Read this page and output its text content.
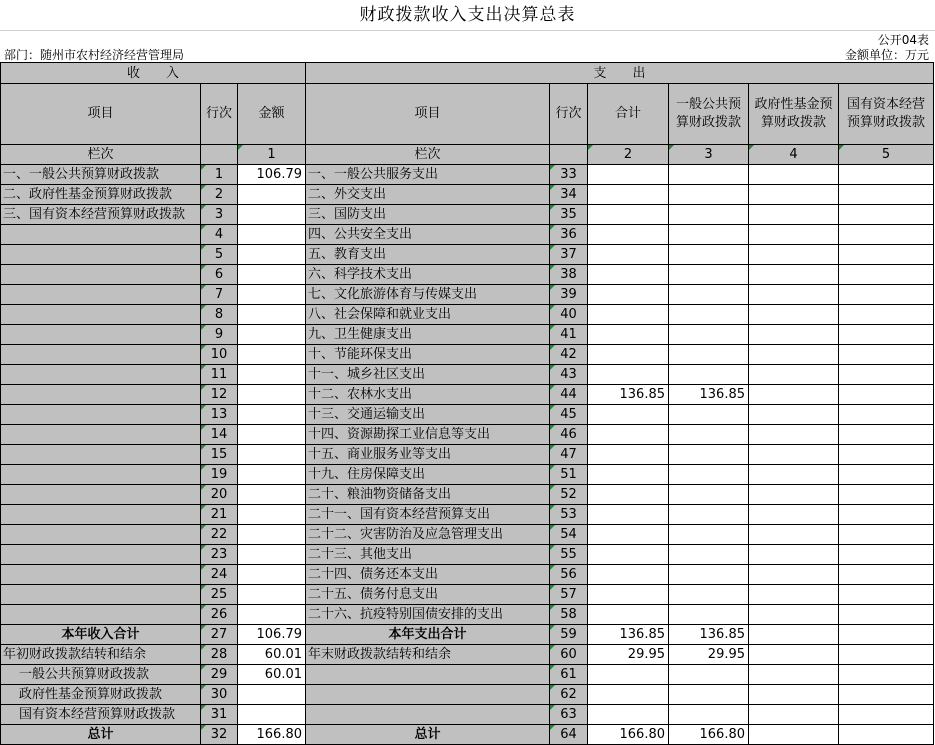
财政拨款收入支出决算总表
公开04表
部门：随州市农村经济经营管理局	金额单位：万元
收　　入			支　　出					
项目	行次	金额	项目	行次	合计	一般公共预算财政拨款	政府性基金预算财政拨款	国有资本经营预算财政拨款
栏次		1	栏次		2	3	4	5
一、一般公共预算财政拨款	1	106.79	一、一般公共服务支出	33				
二、政府性基金预算财政拨款	2		二、外交支出	34				
三、国有资本经营预算财政拨款	3		三、国防支出	35				
	4		四、公共安全支出	36				
	5		五、教育支出	37				
	6		六、科学技术支出	38				
	7		七、文化旅游体育与传媒支出	39				
	8		八、社会保障和就业支出	40				
	9		九、卫生健康支出	41				
	10		十、节能环保支出	42				
	11		十一、城乡社区支出	43				
	12		十二、农林水支出	44	136.85	136.85		
	13		十三、交通运输支出	45				
	14		十四、资源勘探工业信息等支出	46				
	15		十五、商业服务业等支出	47				
	19		十九、住房保障支出	51				
	20		二十、粮油物资储备支出	52				
	21		二十一、国有资本经营预算支出	53				
	22		二十二、灾害防治及应急管理支出	54				
	23		二十三、其他支出	55				
	24		二十四、债务还本支出	56				
	25		二十五、债务付息支出	57				
	26		二十六、抗疫特别国债安排的支出	58				
本年收入合计	27	106.79	本年支出合计	59	136.85	136.85		
年初财政拨款结转和结余	28	60.01	年末财政拨款结转和结余	60	29.95	29.95		
一般公共预算财政拨款	29	60.01		61				
政府性基金预算财政拨款	30			62				
国有资本经营预算财政拨款	31			63				
总计	32	166.80	总计	64	166.80	166.80		
